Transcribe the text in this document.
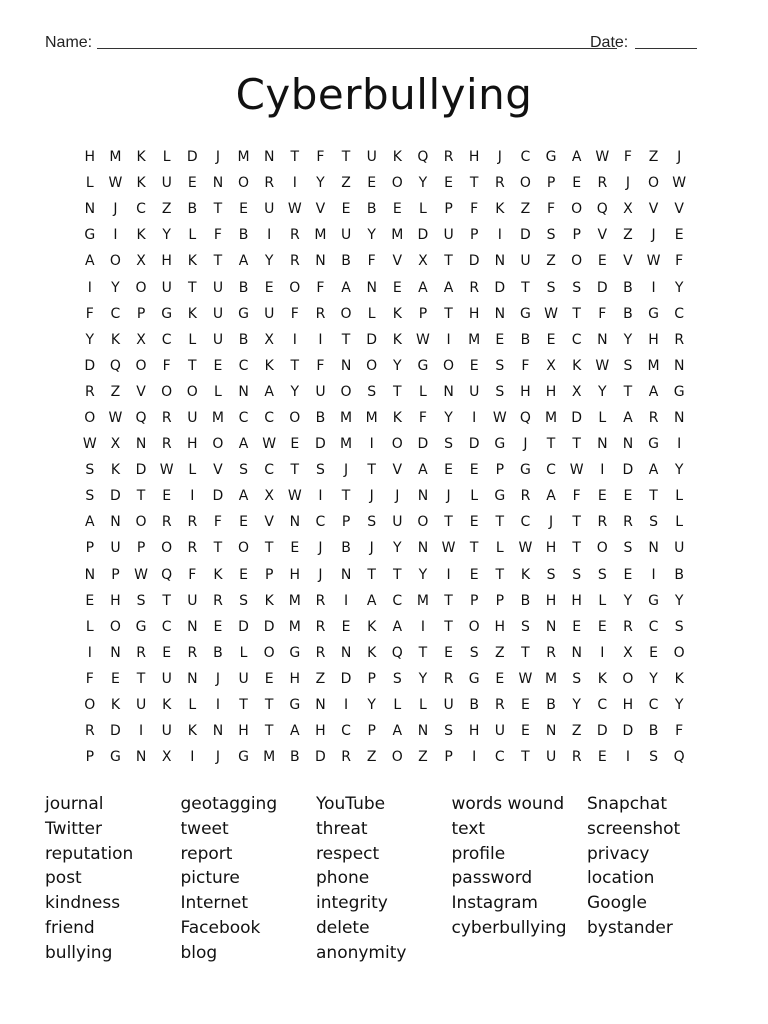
Name:	Date:
Cyberbullying
H	M	K	L	D	J	M	N	T	F	T	U	K	Q	R	H	J	C	G	A W	F	Z	J
L	W	K	U	E	N	O	R	I	Y	Z	E	O	Y	E	T	R	O	P	E	R	J	O W
N	J	C	Z	B	T	E	U W V	E	B	E	L	P	F	K	Z	F	O	Q	X	V	V
G	I	K	Y	L	F	B	I	R	M	U	Y	M	D	U	P	I	D	S	P	V	Z	J	E
A	O	X	H	K	T	A	Y	R	N	B	F	V	X	T	D	N	U	Z	O	E	V W	F
I	Y	O	U	T	U	B	E	O	F	A	N	E	A	A	R	D	T	S	S	D	B	I	Y
F	C	P	G	K	U	G	U	F	R	O	L	K	P	T	H	N	G W	T	F	B	G	C
Y	K	X	C	L	U	B	X	I	I	T	D	K	W	I	M	E	B	E	C	N	Y	H	R
D	Q	O	F	T	E	C	K	T	F	N	O	Y	G	O	E	S	F	X	K	W	S	M	N
R	Z	V	O	O	L	N	A	Y	U	O	S	T	L	N	U	S	H	H	X	Y	T	A	G
O W Q	R	U	M	C	C	O	B	M M	K	F	Y	I	W Q	M	D	L	A	R	N
W X	N	R	H	O	A W	E	D	M	I	O	D	S	D	G	J	T	T	N	N	G	I
S	K	D W	L	V	S	C	T	S	J	T	V	A	E	E	P	G	C W	I	D	A	Y
S	D	T	E	I	D	A	X W	I	T	J	J	N	J	L	G	R	A	F	E	E	T	L
A	N	O	R	R	F	E	V	N	C	P	S	U	O	T	E	T	C	J	T	R	R	S	L
P	U	P	O	R	T	O	T	E	J	B	J	Y	N W	T	L	W H	T	O	S	N	U
N	P	W Q	F	K	E	P	H	J	N	T	T	Y	I	E	T	K	S	S	S	E	I	B
E	H	S	T	U	R	S	K	M	R	I	A	C	M	T	P	P	B	H	H	L	Y	G	Y
L	O	G	C	N	E	D	D	M	R	E	K	A	I	T	O	H	S	N	E	E	R	C	S
I	N	R	E	R	B	L	O	G	R	N	K	Q	T	E	S	Z	T	R	N	I	X	E	O
F	E	T	U	N	J	U	E	H	Z	D	P	S	Y	R	G	E	W M	S	K	O	Y	K
O	K	U	K	L	I	T	T	G	N	I	Y	L	L	U	B	R	E	B	Y	C	H	C	Y
R	D	I	U	K	N	H	T	A	H	C	P	A	N	S	H	U	E	N	Z	D	D	B	F
P	G	N	X	I	J	G	M	B	D	R	Z	O	Z	P	I	C	T	U	R	E	I	S	Q
journal
Twitter
reputation
post
kindness
friend
bullying
geotagging
tweet
report
picture
Internet
Facebook
blog
YouTube
threat
respect
phone
integrity
delete
anonymity
words wound
text
profile
password
Instagram
cyberbullying
Snapchat
screenshot
privacy
location
Google
bystander
